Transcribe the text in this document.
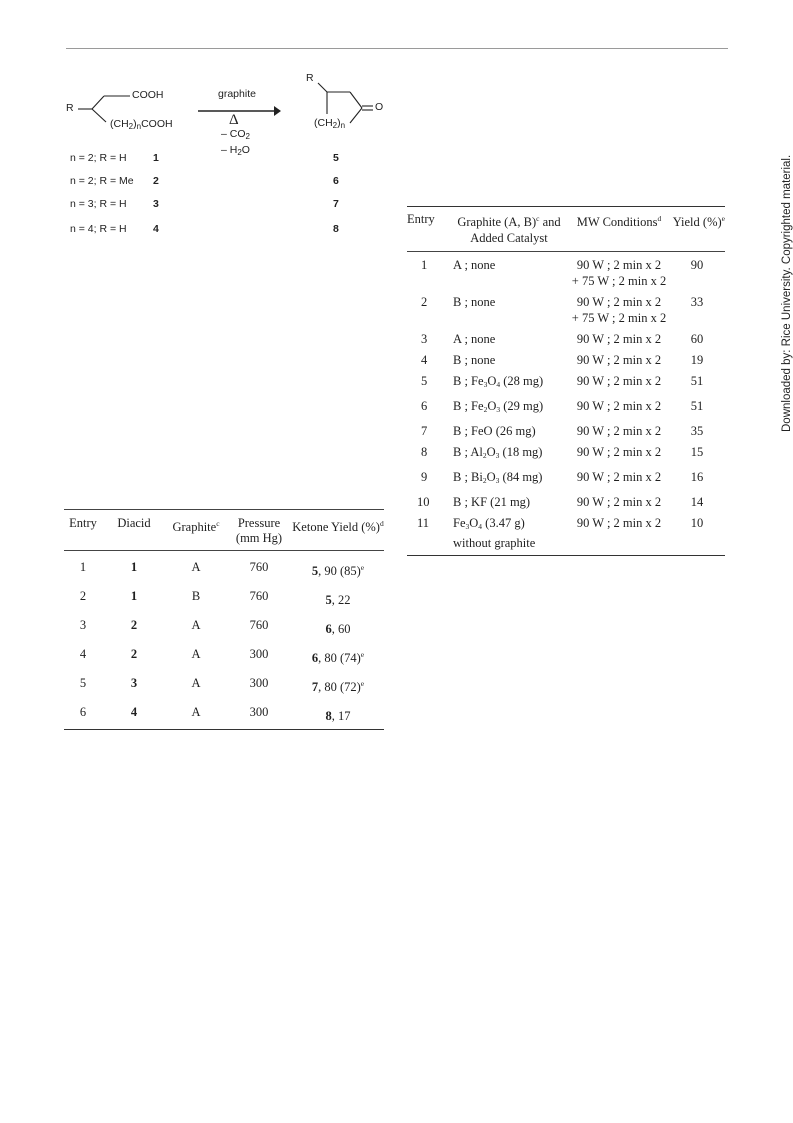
R
COOH
$(CH_2)_nCOOH$
graphite
Δ
– $CO_2$
– $H_2O$
R
O
$(CH_2)_n$
n = 2; R = H	1	5
n = 2; R = Me 2	6
n = 3; R = H	3	7
n = 4; R = H	4	8
Entry	Diacid	Graphite$^c$	Pressure
(mm Hg)	Ketone Yield (%)$^d$
1	1	A	760	5, 90 $(85)^e$
2	1	B	760	5, 22
3	2	A	760	6, 60
4	2	A	300	6, 80 $(74)^e$
5	3	A	300	7, 80 $(72)^e$
6	4	A	300	8, 17
Entry	Graphite (A, B)$^c$ and
Added Catalyst	MW Conditions$^d$	Yield (%)$^e$
1	A ; none	90 W ; 2 min x 2
+ 75 W ; 2 min x 2	90
2	B ; none	90 W ; 2 min x 2
+ 75 W ; 2 min x 2	33
3	A ; none	90 W ; 2 min x 2	60
4	B ; none	90 W ; 2 min x 2	19
5	B ; $Fe_3O_4$ (28 mg)	90 W ; 2 min x 2	51
6	B ; $Fe_2O_3$ (29 mg)	90 W ; 2 min x 2	51
7	B ; FeO (26 mg)	90 W ; 2 min x 2	35
8	B ; $Al_2O_3$ (18 mg)	90 W ; 2 min x 2	15
9	B ; $Bi_2O_3$ (84 mg)	90 W ; 2 min x 2	16
10	B ; KF (21 mg)	90 W ; 2 min x 2	14
11	$Fe_3O_4$ (3.47 g)
without graphite	90 W ; 2 min x 2	10
Downloaded by: Rice University. Copyrighted material.
